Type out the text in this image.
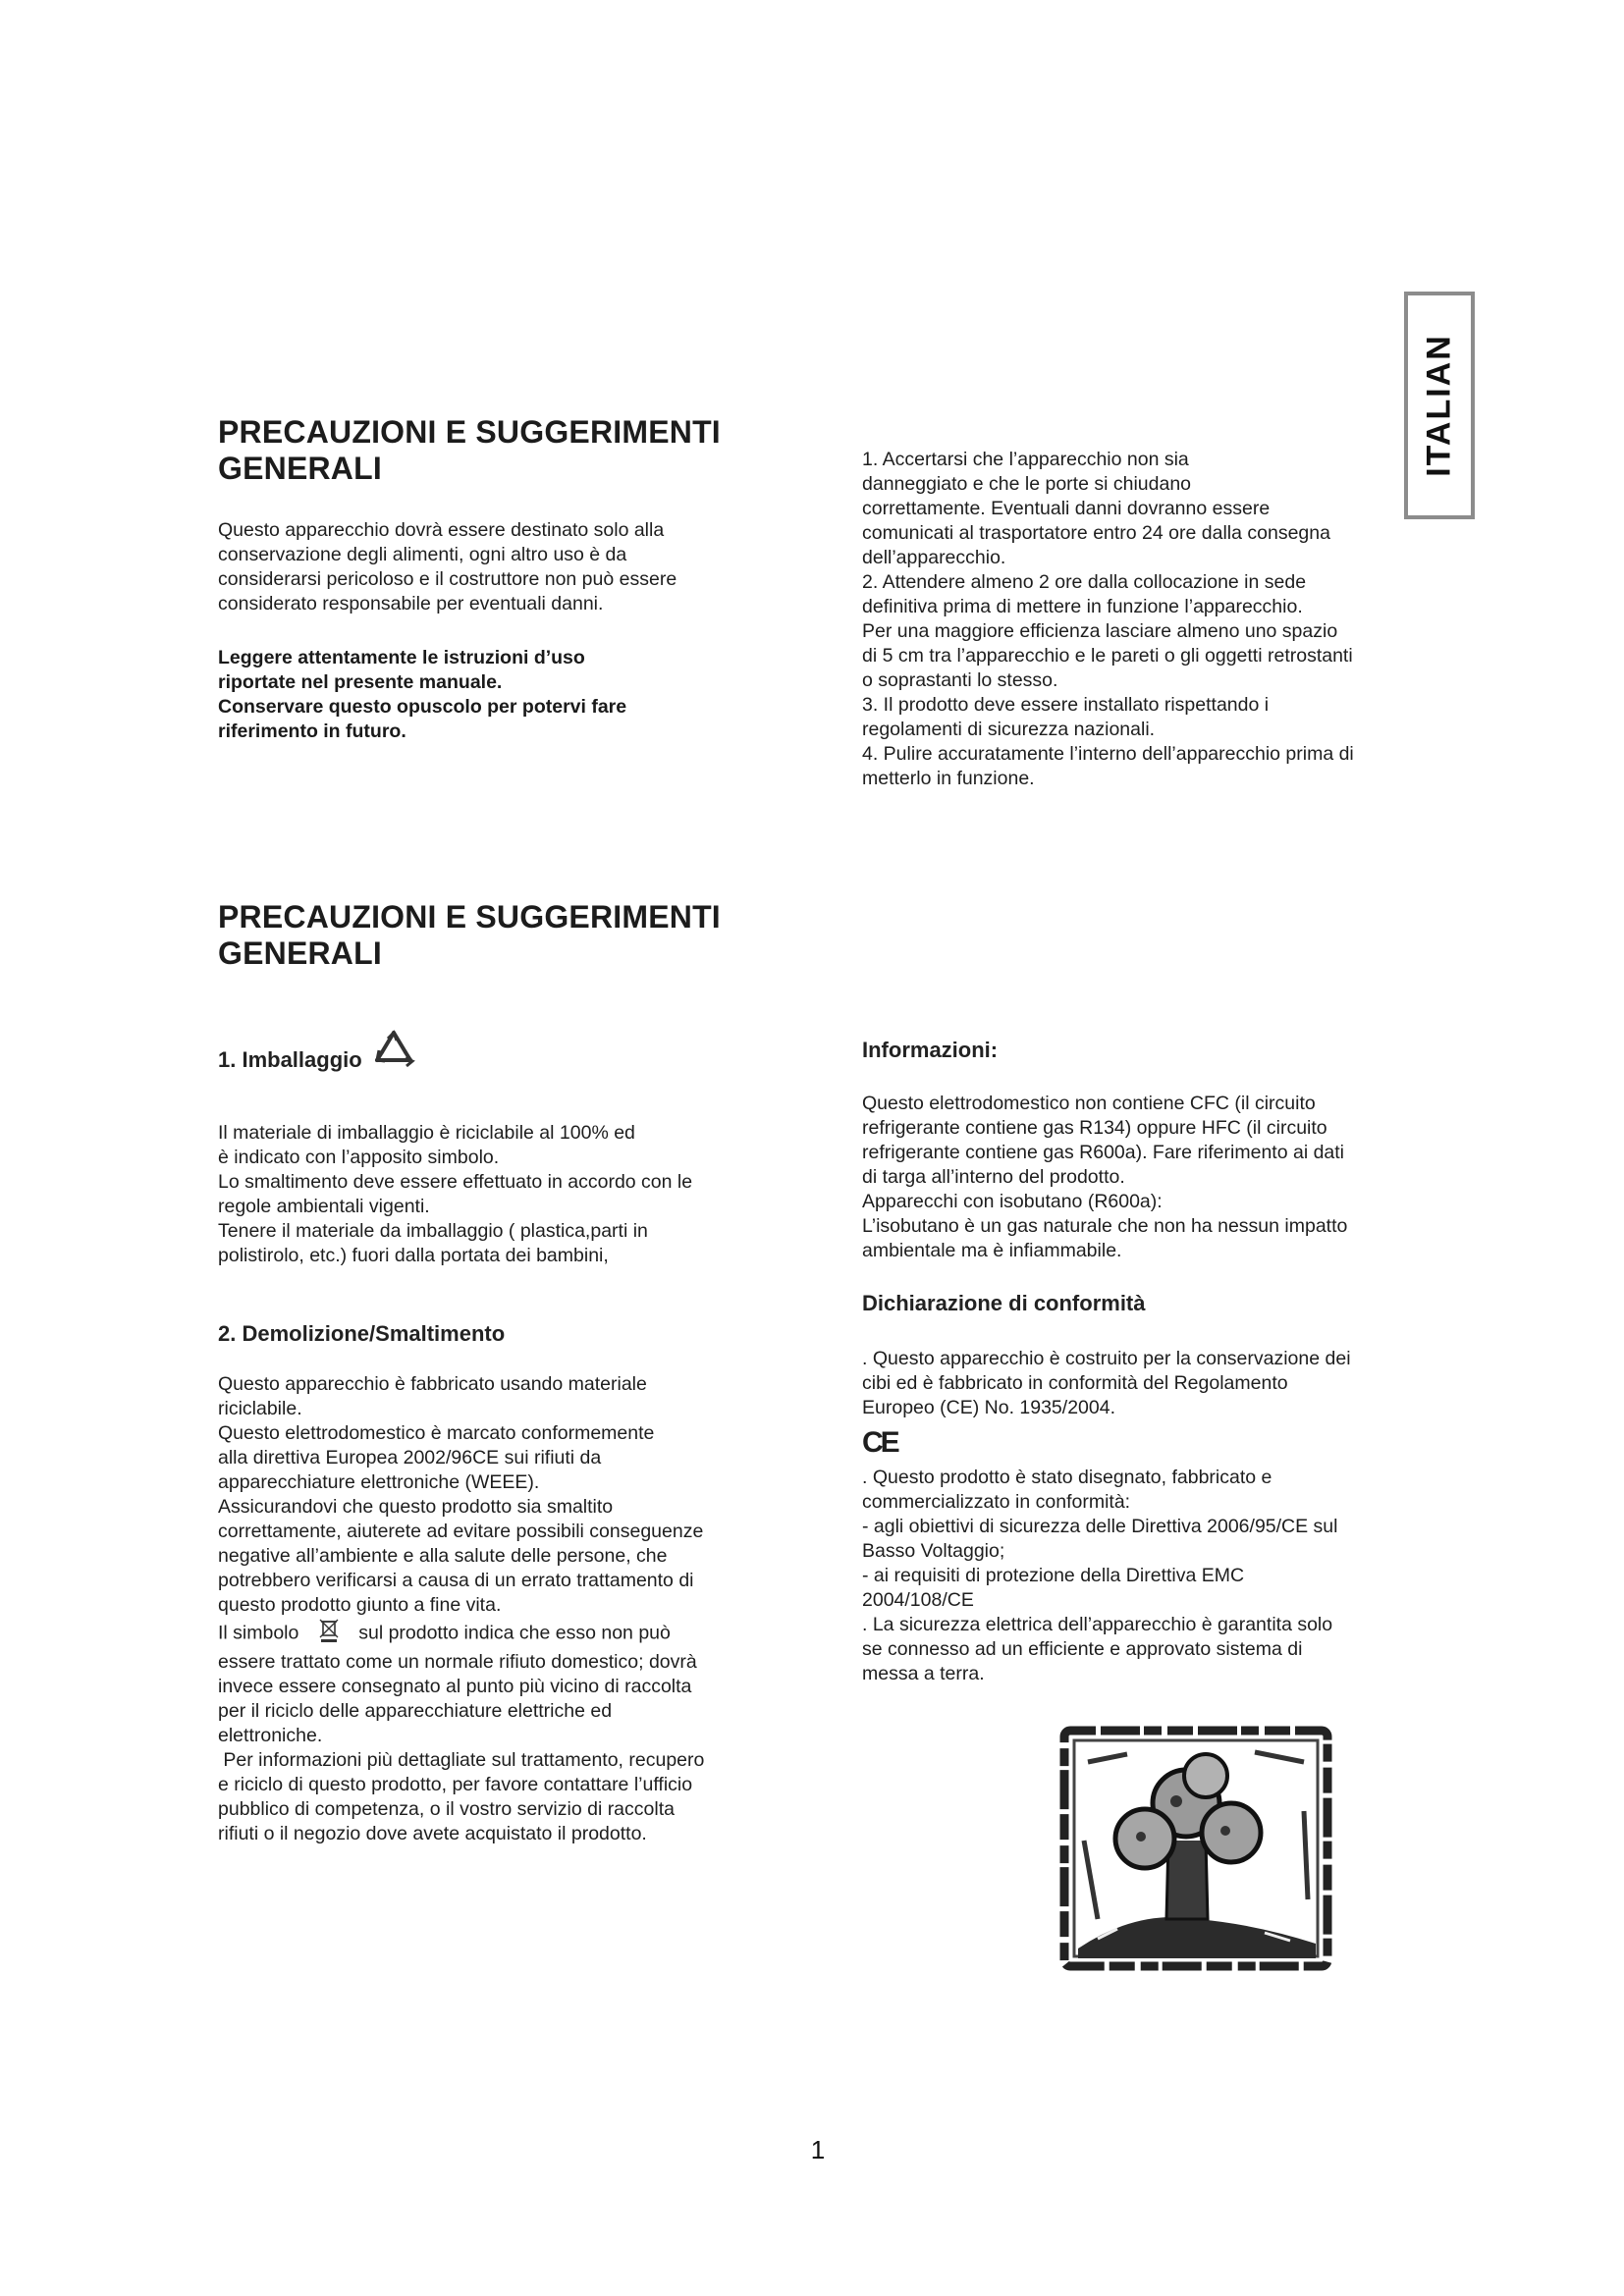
ITALIAN
PRECAUZIONI E SUGGERIMENTI
GENERALI

Questo apparecchio dovrà essere destinato solo alla

conservazione degli alimenti, ogni altro uso è da

considerarsi pericoloso e il costruttore non può essere

considerato responsabile per eventuali danni.

Leggere attentamente le istruzioni d’uso

riportate nel presente manuale.

Conservare questo opuscolo per potervi fare

riferimento in futuro.

1. Accertarsi che l’apparecchio non sia

danneggiato e che le porte si chiudano

correttamente. Eventuali danni dovranno essere

comunicati al trasportatore entro 24 ore dalla consegna

dell’apparecchio.

2. Attendere almeno 2 ore dalla collocazione in sede

definitiva prima di mettere in funzione l’apparecchio.

Per una maggiore efficienza lasciare almeno uno spazio

di 5 cm tra l’apparecchio e le pareti o gli oggetti retrostanti

o soprastanti lo stesso.

3. Il prodotto deve essere installato rispettando i

regolamenti di sicurezza nazionali.

4. Pulire accuratamente l’interno dell’apparecchio prima di

metterlo in funzione.

PRECAUZIONI E SUGGERIMENTI
GENERALI
1. Imballaggio

Il materiale di imballaggio è riciclabile al 100% ed

è indicato con l’apposito simbolo.

Lo smaltimento deve essere effettuato in accordo con le

regole ambientali vigenti.

Tenere il materiale da imballaggio ( plastica,parti in

polistirolo, etc.) fuori dalla portata dei bambini,

2. Demolizione/Smaltimento

Questo apparecchio è fabbricato usando materiale

riciclabile.

Questo elettrodomestico è marcato conformemente

alla direttiva Europea 2002/96CE sui rifiuti da

apparecchiature elettroniche (WEEE).

Assicurandovi che questo prodotto sia smaltito

correttamente, aiuterete ad evitare possibili conseguenze

negative all’ambiente e alla salute delle persone, che

potrebbero verificarsi a causa di un errato trattamento di

questo prodotto giunto a fine vita.

Il simbolo	sul prodotto indica che esso non può

essere trattato come un normale rifiuto domestico; dovrà

invece essere consegnato al punto più vicino di raccolta

per il riciclo delle apparecchiature elettriche ed

elettroniche.

Per informazioni più dettagliate sul trattamento, recupero

e riciclo di questo prodotto, per favore contattare l’ufficio

pubblico di competenza, o il vostro servizio di raccolta

rifiuti o il negozio dove avete acquistato il prodotto.

Informazioni:

Questo elettrodomestico non contiene CFC (il circuito

refrigerante contiene gas R134) oppure HFC (il circuito

refrigerante contiene gas R600a). Fare riferimento ai dati

di targa all’interno del prodotto.

Apparecchi con isobutano (R600a):

L’isobutano è un gas naturale che non ha nessun impatto

ambientale ma è infiammabile.

Dichiarazione di conformità

. Questo apparecchio è costruito per la conservazione dei

cibi ed è fabbricato in conformità del Regolamento

Europeo (CE) No. 1935/2004.

CE

. Questo prodotto è stato disegnato, fabbricato e

commercializzato in conformità:

- agli obiettivi di sicurezza delle Direttiva 2006/95/CE sul

Basso Voltaggio;

- ai requisiti di protezione della Direttiva EMC

2004/108/CE

. La sicurezza elettrica dell’apparecchio è garantita solo

se connesso ad un efficiente e approvato sistema di

messa a terra.

1
